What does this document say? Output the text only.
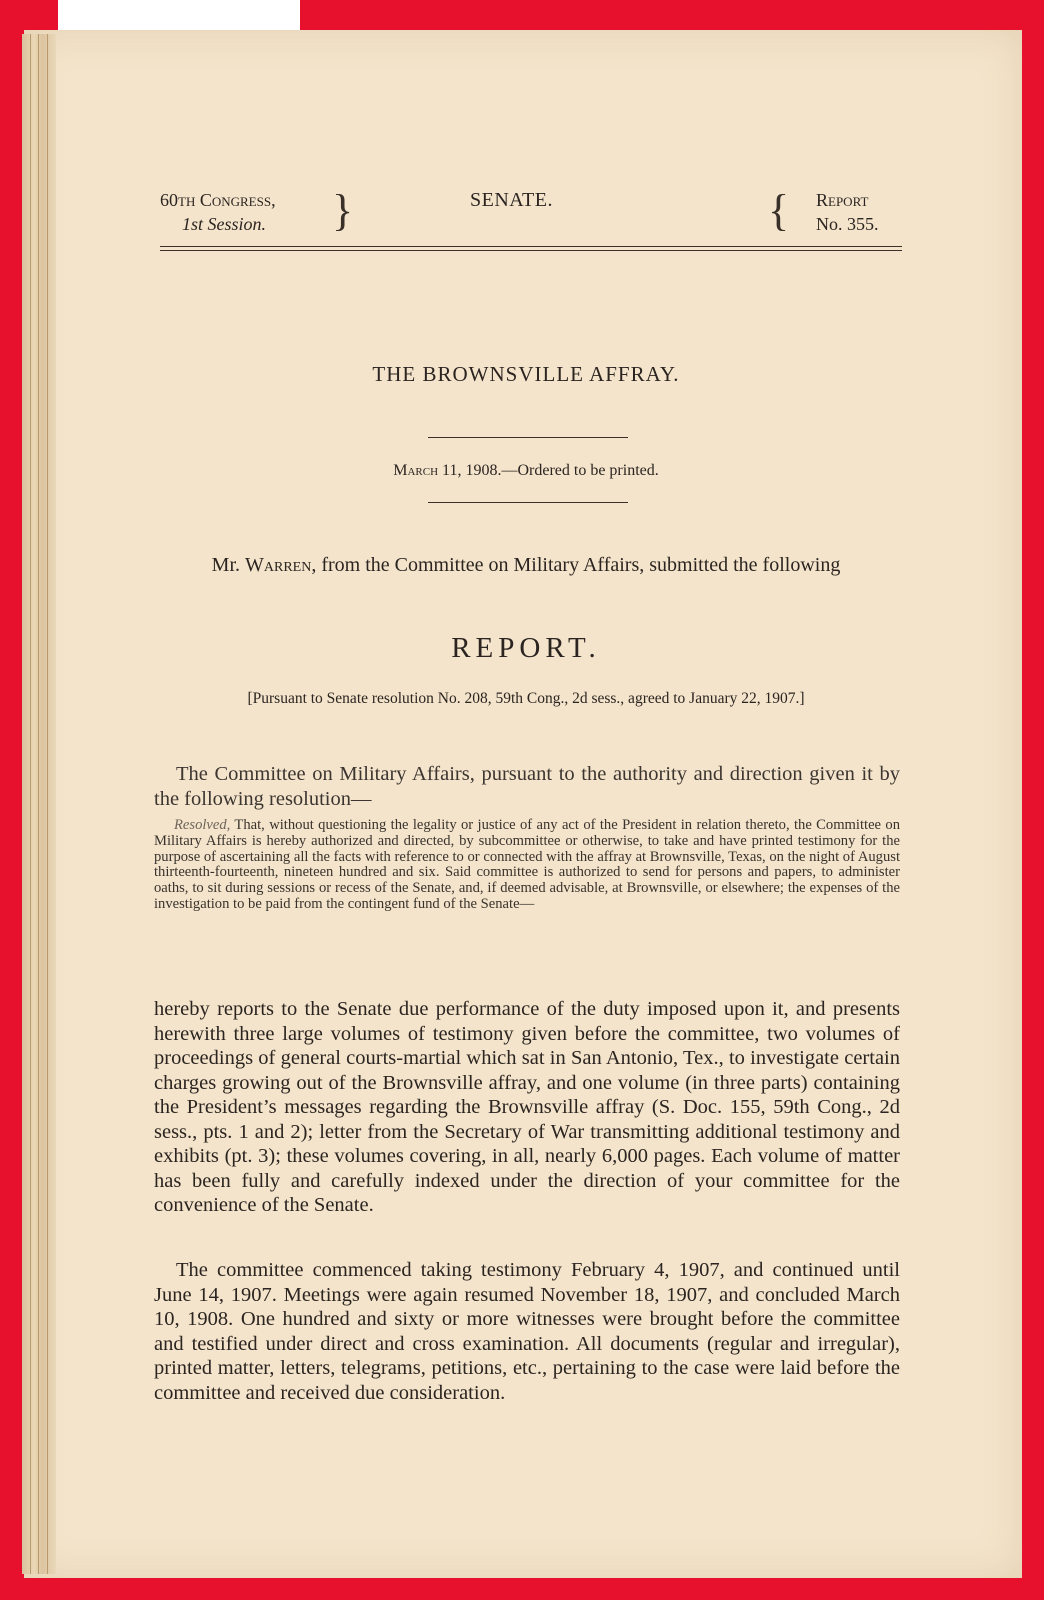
60th Congress,
1st Session. }	SENATE.	{ Report
No. 355.
THE BROWNSVILLE AFFRAY.
March 11, 1908.—Ordered to be printed.
Mr. Warren, from the Committee on Military Affairs, submitted the following
REPORT.
[Pursuant to Senate resolution No. 208, 59th Cong., 2d sess., agreed to January 22, 1907.]
The Committee on Military Affairs, pursuant to the authority and direction given it by the following resolution—
Resolved, That, without questioning the legality or justice of any act of the President in relation thereto, the Committee on Military Affairs is hereby authorized and directed, by subcommittee or otherwise, to take and have printed testimony for the purpose of ascertaining all the facts with reference to or connected with the affray at Brownsville, Texas, on the night of August thirteenth-fourteenth, nineteen hundred and six. Said committee is authorized to send for persons and papers, to administer oaths, to sit during sessions or recess of the Senate, and, if deemed advisable, at Brownsville, or elsewhere; the expenses of the investigation to be paid from the contingent fund of the Senate—
hereby reports to the Senate due performance of the duty imposed upon it, and presents herewith three large volumes of testimony given before the committee, two volumes of proceedings of general courts-martial which sat in San Antonio, Tex., to investigate certain charges growing out of the Brownsville affray, and one volume (in three parts) containing the President’s messages regarding the Brownsville affray (S. Doc. 155, 59th Cong., 2d sess., pts. 1 and 2); letter from the Secretary of War transmitting additional testimony and exhibits (pt. 3); these volumes covering, in all, nearly 6,000 pages. Each volume of matter has been fully and carefully indexed under the direction of your committee for the convenience of the Senate.
The committee commenced taking testimony February 4, 1907, and continued until June 14, 1907. Meetings were again resumed November 18, 1907, and concluded March 10, 1908. One hundred and sixty or more witnesses were brought before the committee and testified under direct and cross examination. All documents (regular and irregular), printed matter, letters, telegrams, petitions, etc., pertaining to the case were laid before the committee and received due consideration.
